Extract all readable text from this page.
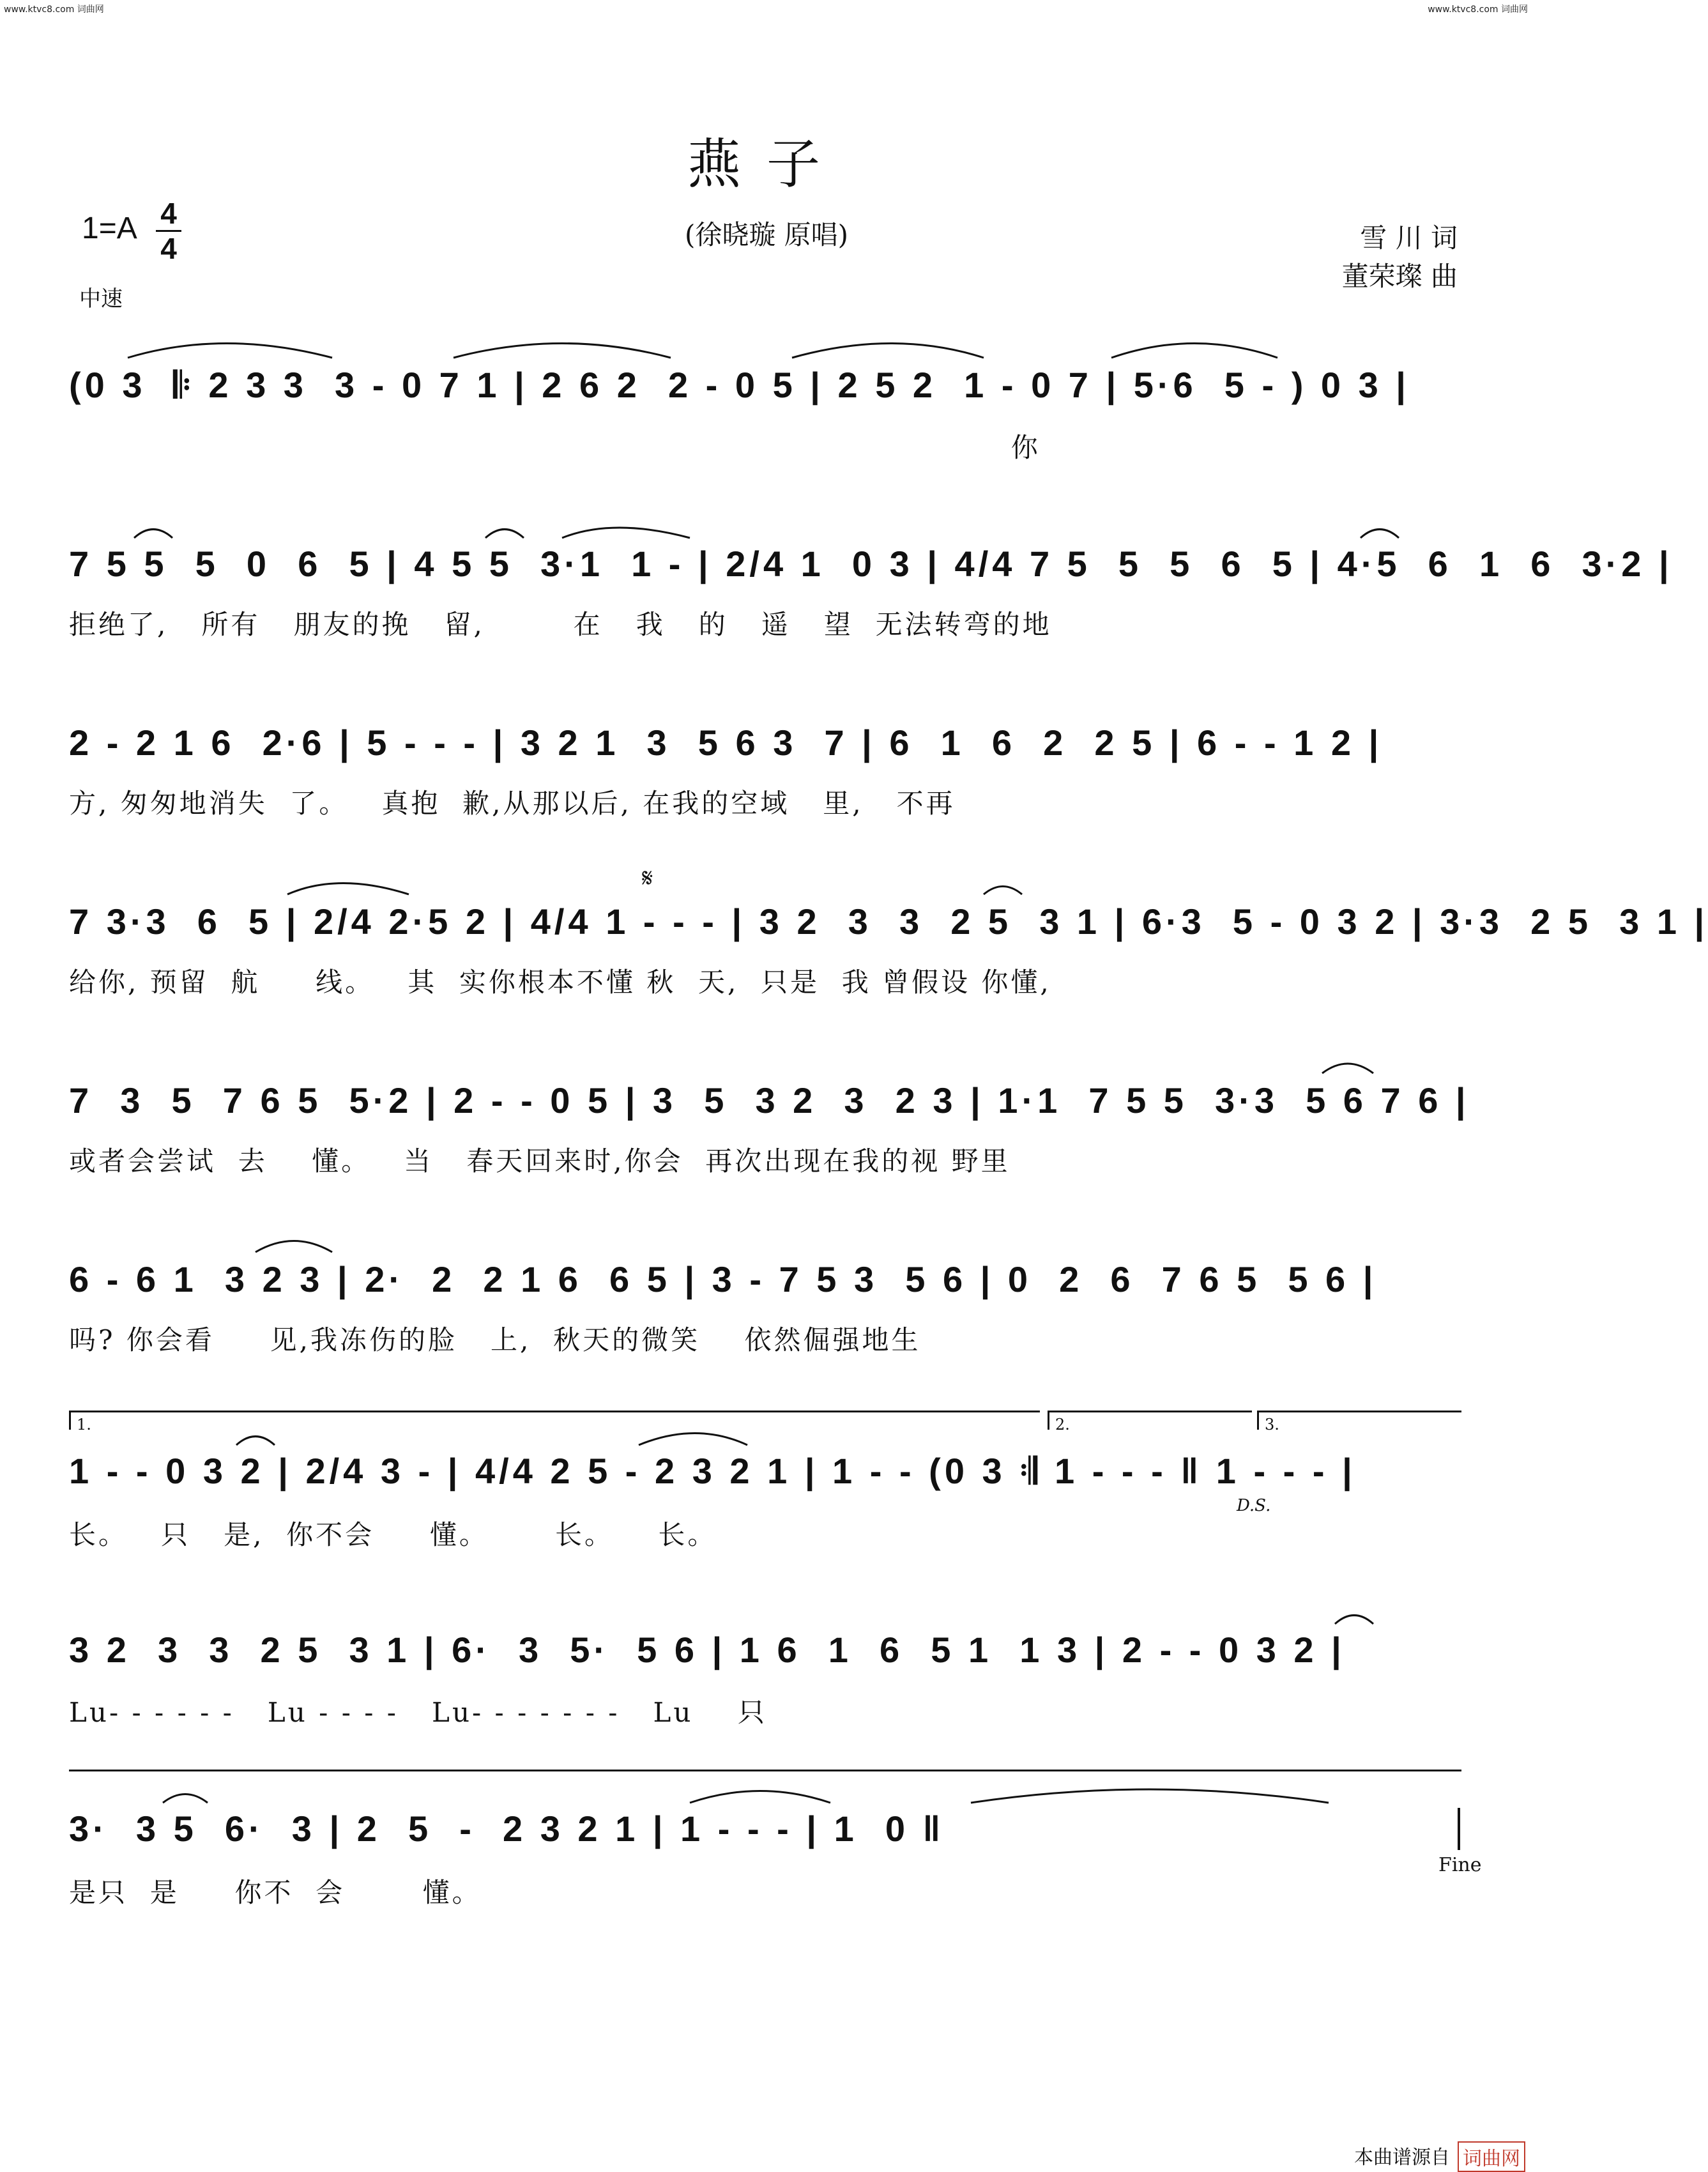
www.ktvc8.com 词曲网	www.ktvc8.com 词曲网
燕子
(徐晓璇 原唱)	雪 川 词
董荣璨 曲
1=A 4
4
中速
𝄋
(0 3  𝄆 2 3 3  3 - 0 7 1 | 2 6 2  2 - 0 5 | 2 5 2  1 - 0 7 | 5·6  5 - ) 0 3 |
你
7 5 5  5  0  6  5 | 4 5 5  3·1  1 - | 2/4 1  0 3 | 4/4 7 5  5  5  6  5 | 4·5  6  1  6  3·2 |
拒绝了,   所有   朋友的挽   留,        在   我   的   遥   望  无法转弯的地
2 - 2 1 6  2·6 | 5 - - - | 3 2 1  3  5 6 3  7 | 6  1  6  2  2 5 | 6 - - 1 2 |
方, 匆匆地消失  了。   真抱  歉,从那以后, 在我的空域   里,   不再
7 3·3  6  5 | 2/4 2·5 2 | 4/4 1 - - - | 3 2  3  3  2 5  3 1 | 6·3  5 - 0 3 2 | 3·3  2 5  3 1 |
给你, 预留  航     线。   其  实你根本不懂 秋  天,  只是  我 曾假设 你懂,
7  3  5  7 6 5  5·2 | 2 - - 0 5 | 3  5  3 2  3  2 3 | 1·1  7 5 5  3·3  5 6 7 6 |
或者会尝试  去    懂。   当   春天回来时,你会  再次出现在我的视 野里
6 - 6 1  3 2 3 | 2·  2  2 1 6  6 5 | 3 - 7 5 3  5 6 | 0  2  6  7 6 5  5 6 |
吗? 你会看     见,我冻伤的脸   上,  秋天的微笑    依然倔强地生
1.	2.	3.
1 - - 0 3 2 | 2/4 3 - | 4/4 2 5 - 2 3 2 1 | 1 - - (0 3 𝄇 1 - - - ‖ 1 - - - |
D.S.
长。   只   是,  你不会     懂。      长。    长。
3 2  3  3  2 5  3 1 | 6·  3  5·  5 6 | 1 6  1  6  5 1  1 3 | 2 - - 0 3 2 |
Lu- - - - - -   Lu - - - -   Lu- - - - - - -   Lu    只
3·  3 5  6·  3 | 2  5  -  2 3 2 1 | 1 - - - | 1  0 ‖
Fine
是只  是     你不  会       懂。
本曲谱源自 词曲网
